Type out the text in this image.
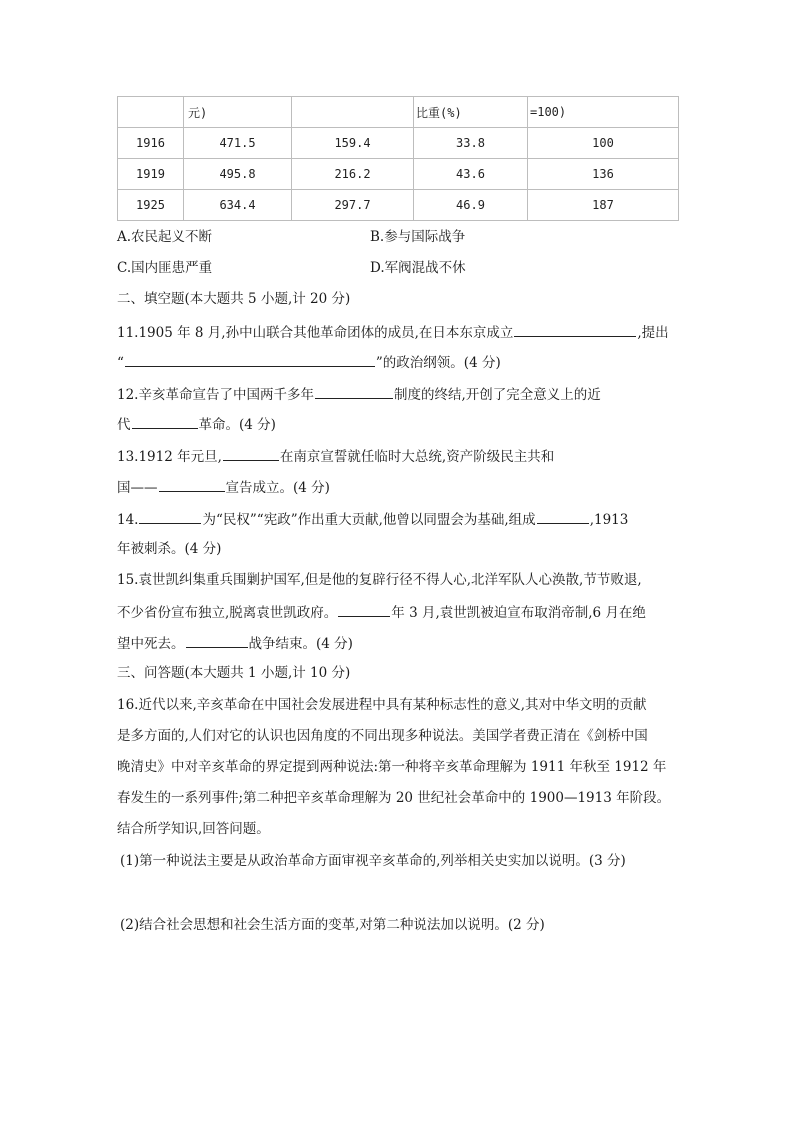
	元)		比重(%)	=100)
1916	471.5	159.4	33.8	100
1919	495.8	216.2	43.6	136
1925	634.4	297.7	46.9	187
A.农民起义不断	B.参与国际战争
C.国内匪患严重	D.军阀混战不休
二、填空题(本大题共 5 小题,计 20 分)
11.1905 年 8 月,孙中山联合其他革命团体的成员,在日本东京成立	,提出
“	”的政治纲领。(4 分)
12.辛亥革命宣告了中国两千多年	制度的终结,开创了完全意义上的近
代	革命。(4 分)
13.1912 年元旦,	在南京宣誓就任临时大总统,资产阶级民主共和
国——	宣告成立。(4 分)
14.	为“民权”“宪政”作出重大贡献,他曾以同盟会为基础,组成	,1913
年被刺杀。(4 分)
15.袁世凯纠集重兵围剿护国军,但是他的复辟行径不得人心,北洋军队人心涣散,节节败退,
不少省份宣布独立,脱离袁世凯政府。	年 3 月,袁世凯被迫宣布取消帝制,6 月在绝
望中死去。	战争结束。(4 分)
三、问答题(本大题共 1 小题,计 10 分)
16.近代以来,辛亥革命在中国社会发展进程中具有某种标志性的意义,其对中华文明的贡献
是多方面的,人们对它的认识也因角度的不同出现多种说法。美国学者费正清在《剑桥中国
晚清史》中对辛亥革命的界定提到两种说法:第一种将辛亥革命理解为 1911 年秋至 1912 年
春发生的一系列事件;第二种把辛亥革命理解为 20 世纪社会革命中的 1900—1913 年阶段。
结合所学知识,回答问题。
(1)第一种说法主要是从政治革命方面审视辛亥革命的,列举相关史实加以说明。(3 分)
(2)结合社会思想和社会生活方面的变革,对第二种说法加以说明。(2 分)
